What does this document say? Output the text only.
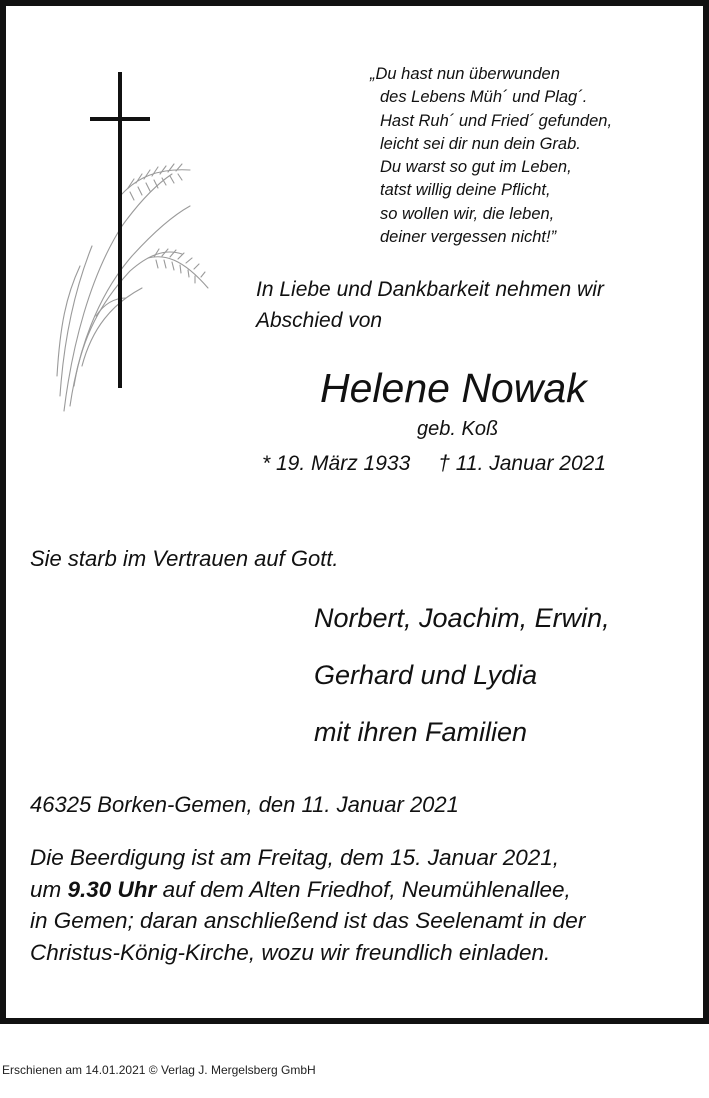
„Du hast nun überwunden
des Lebens Müh´ und Plag´.
Hast Ruh´ und Fried´ gefunden,
leicht sei dir nun dein Grab.
Du warst so gut im Leben,
tatst willig deine Pflicht,
so wollen wir, die leben,
deiner vergessen nicht!”
In Liebe und Dankbarkeit nehmen wir
Abschied von
Helene Nowak
geb. Koß
* 19. März 1933 † 11. Januar 2021
Sie starb im Vertrauen auf Gott.
Norbert, Joachim, Erwin,
Gerhard und Lydia
mit ihren Familien
46325 Borken-Gemen, den 11. Januar 2021
Die Beerdigung ist am Freitag, dem 15. Januar 2021,
um 9.30 Uhr auf dem Alten Friedhof, Neumühlenallee,
in Gemen; daran anschließend ist das Seelenamt in der
Christus-König-Kirche, wozu wir freundlich einladen.
Erschienen am 14.01.2021 © Verlag J. Mergelsberg GmbH
